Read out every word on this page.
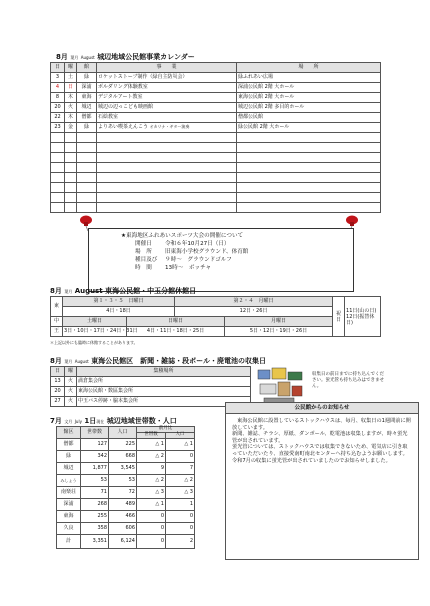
8月 葉月 August 城辺地域公民館事業カレンダー
日	曜	館	事　　業	場　　所
3	土	緑	ロケットストーブ制作（緑自主防災会）	緑ふれあい広場
4	日	深浦	ボルダリング体験教室	深浦公民館 2階 大ホール
8	木	東海	デジタルアート教室	東海公民館 2階 大ホール
20	火	城辺	城辺の辺っこども映画館	城辺公民館 2階 多目的ホール
22	木	僧都	石絵教室	僧都公民館
23	金	緑	よりあい喫茶えんこう オカリナ・ギター演奏	緑公民館 2階 大ホール

★東海地区ふれあいスポーツ大会の開催について
開催日 令和６年10月27日（日）
場　所 旧東海小学校グラウンド、体育館
種目及び ９時〜　グラウンドゴルフ
時　間 13時〜　ボッチャ
8月 葉月 August 東海公民館・中玉分館休館日
東	第１・３・５　日曜日		第２・４　月曜日		祝日	11日(山の日)
12日(振替休日)

	4日・18日		12日・26日			
中	土曜日	日曜日		月曜日		
王	3日・10日・17日・24日・31日	4日・11日・18日・25日		5日・12日・19日・26日		
＊上記以外にも臨時に休館することがあります。
8月 葉月 August 東海公民館区　新聞・雑誌・段ボール・廃電池の収集日
日	曜	集積場所
13	火	満倉集会所
20	火	東海公民館・数區集会所
27	火	中玉バス停跡・脇本集会所
収集日の前日までに持ち込んでください。蛍光管も持ち込みはできません。
7月 文月 July 1日現在 城辺地域世帯数・人口
館区	世帯数	人口	前月比	
			世帯数	人口
僧都	127	225	△ 1	△ 1
緑	342	668	△ 2	0
城辺	1,877	3,545	9	7
みしょう	53	53	△ 2	△ 2
南楽荘	71	72	△ 3	△ 3
深浦	268	489	△ 1	1
東海	255	466	0	0
久良	358	606	0	0
計	3,351	6,124	0	2
公民館からのお知らせ
東海公民館に設置しているストックハウスは、毎月、収集日の1週間前に開放しています。
新聞、雑誌、チラシ、厚紙、ダンボール、乾電池は収集しますが、時々蛍光管が出されています。
蛍光管については、ストックハウスでは収集できないため、電気店に引き取っていただいたり、直接愛南町南北センターへ持ち込むようお願いします。
令和7月の収集に蛍光管が出されていましたのでお知らせしました。
